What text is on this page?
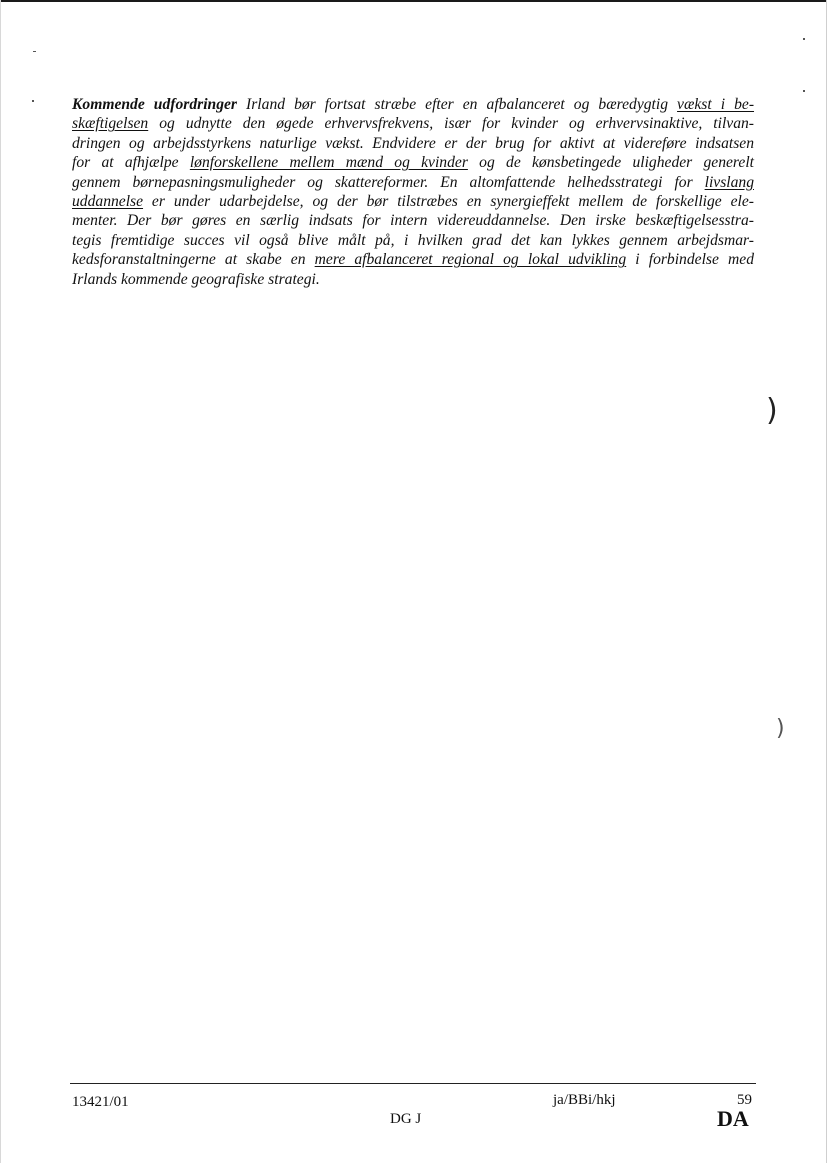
Kommende udfordringer Irland bør fortsat stræbe efter en afbalanceret og bæredygtig vækst i be-
skæftigelsen og udnytte den øgede erhvervsfrekvens, især for kvinder og erhvervsinaktive, tilvan-
dringen og arbejdsstyrkens naturlige vækst. Endvidere er der brug for aktivt at videreføre indsatsen
for at afhjælpe lønforskellene mellem mænd og kvinder og de kønsbetingede uligheder generelt
gennem børnepasningsmuligheder og skattereformer. En altomfattende helhedsstrategi for livslang
uddannelse er under udarbejdelse, og der bør tilstræbes en synergieffekt mellem de forskellige ele-
menter. Der bør gøres en særlig indsats for intern videreuddannelse. Den irske beskæftigelsesstra-
tegis fremtidige succes vil også blive målt på, i hvilken grad det kan lykkes gennem arbejdsmar-
kedsforanstaltningerne at skabe en mere afbalanceret regional og lokal udvikling i forbindelse med
Irlands kommende geografiske strategi.
)
)
13421/01
DG J
ja/BBi/hkj	59
DA
